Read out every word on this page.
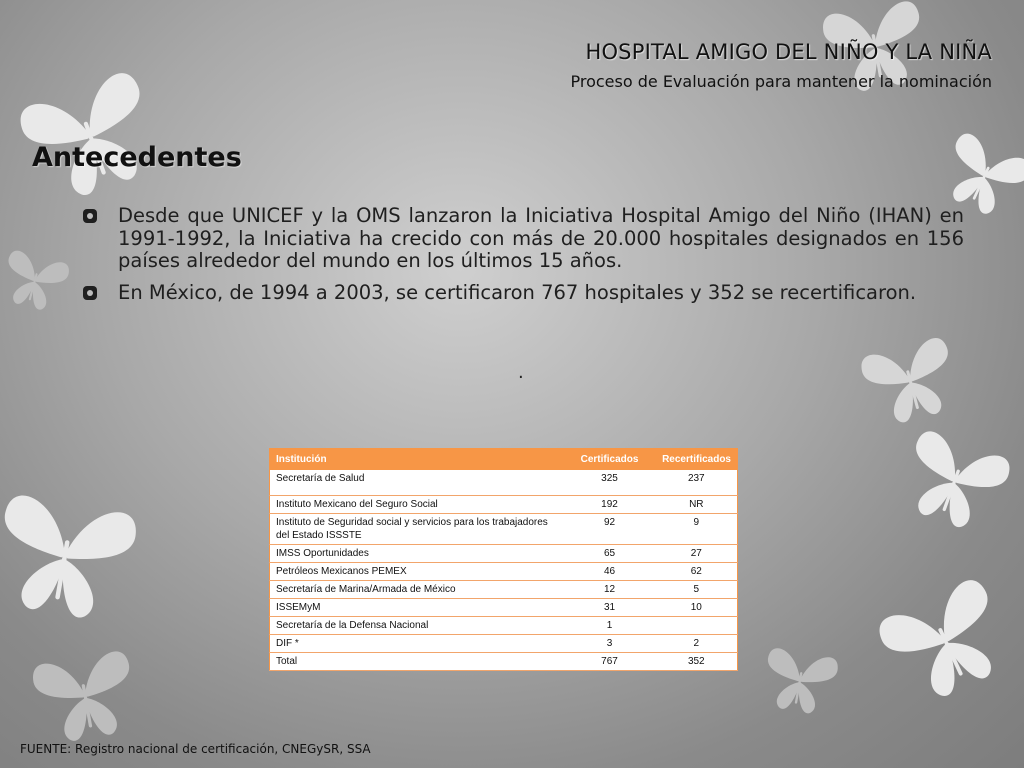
HOSPITAL AMIGO DEL NIÑO Y LA NIÑA
Proceso de Evaluación para mantener la nominación
Antecedentes
Desde que UNICEF y la OMS lanzaron la Iniciativa Hospital Amigo del Niño (IHAN) en 1991-1992, la Iniciativa ha crecido con más de 20.000 hospitales designados en 156 países alrededor del mundo en los últimos 15 años.
En México, de 1994 a 2003, se certificaron 767 hospitales y 352 se recertificaron.
.
Institución	Certificados	Recertificados
Secretaría de Salud	325	237
Instituto Mexicano del Seguro Social	192	NR
Instituto de Seguridad social y servicios para los trabajadores del Estado ISSSTE	92	9
IMSS Oportunidades	65	27
Petróleos Mexicanos PEMEX	46	62
Secretaría de Marina/Armada de México	12	5
ISSEMyM	31	10
Secretaría de la Defensa Nacional	1	
DIF *	3	2
Total	767	352
FUENTE: Registro nacional de certificación, CNEGySR, SSA
